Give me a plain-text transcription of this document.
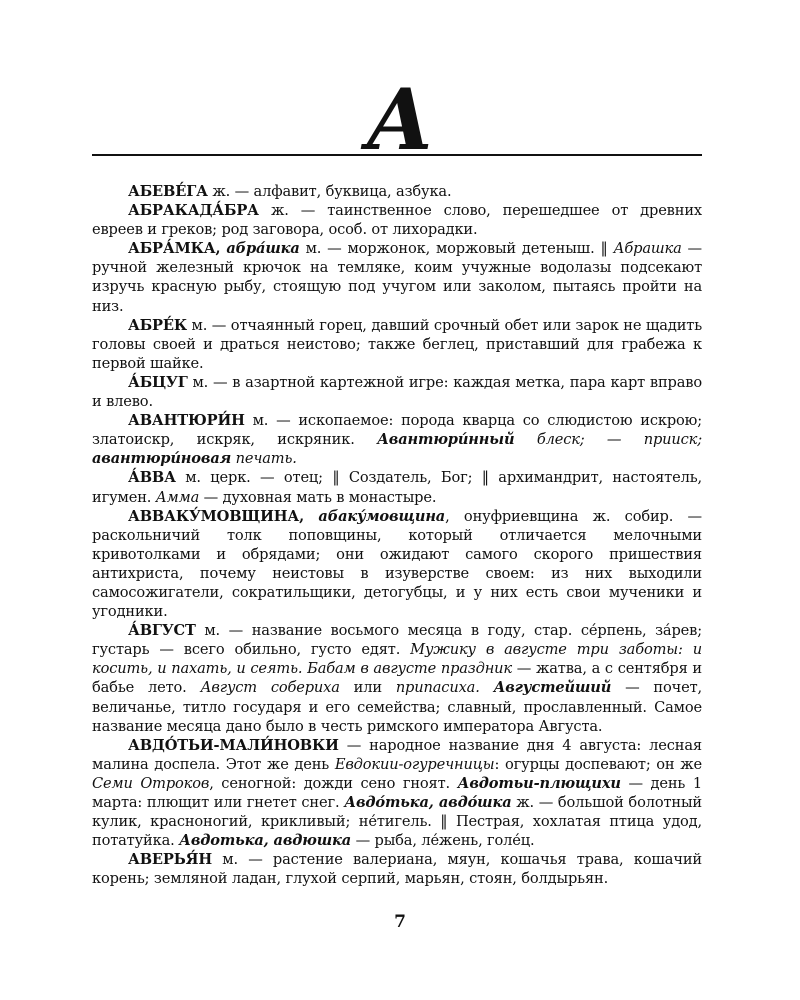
А

АБЕВЕ́ГА ж. — алфавит, буквица, азбука.

АБРАКАДА́БРА ж. — таинственное слово, перешедшее от древних евреев и греков; род заговора, особ. от лихорадки.

АБРА́МКА, абра́шка м. — моржонок, моржовый детеныш. ‖ Абрашка — ручной железный крючок на темляке, коим учужные водолазы подсекают изручь красную рыбу, стоящую под учугом или заколом, пытаясь пройти на низ.

АБРЕ́К м. — отчаянный горец, давший срочный обет или зарок не щадить головы своей и драться неистово; также беглец, приставший для грабежа к первой шайке.

А́БЦУГ м. — в азартной картежной игре: каждая метка, пара карт вправо и влево.

АВАНТЮРИ́Н м. — ископаемое: порода кварца со слюдистою искрою; златоискр, искряк, искряник. Авантюри́нный блеск; — прииск; авантюри́новая печать.

А́ВВА м. церк. — отец; ‖ Создатель, Бог; ‖ архимандрит, настоятель, игумен. Амма — духовная мать в монастыре.

АВВАКУ́МОВЩИНА, абаку́мовщина, онуфриевщина ж. собир. — раскольничий толк поповщины, который отличается мелочными кривотолками и обрядами; они ожидают самого скорого пришествия антихриста, почему неистовы в изуверстве своем: из них выходили самосожигатели, сократильщики, детогубцы, и у них есть свои мученики и угодники.

А́ВГУСТ м. — название восьмого месяца в году, стар. се́рпень, за́рев; густарь — всего обильно, густо едят. Мужику в августе три заботы: и косить, и пахать, и сеять. Бабам в августе праздник — жатва, а с сентября и бабье лето. Август собериха или припасиха. Августейший — почет, величанье, титло государя и его семейства; славный, прославленный. Самое название месяца дано было в честь римского императора Августа.

АВДО́ТЬИ-МАЛИ́НОВКИ — народное название дня 4 августа: лесная малина доспела. Этот же день Евдокии-огуречницы: огурцы доспевают; он же Семи Отроков, сеногной: дожди сено гноят. Авдотьи-плющихи — день 1 марта: плющит или гнетет снег. Авдо́тька, авдо́шка ж. — большой болотный кулик, красноногий, крикливый; не́тигель. ‖ Пестрая, хохлатая птица удод, потатуйка. Авдотька, авдюшка — рыба, ле́жень, голе́ц.

АВЕРЬЯ́Н м. — растение валериана, мяун, кошачья трава, кошачий корень; земляной ладан, глухой серпий, марьян, стоян, болдырьян.

7
